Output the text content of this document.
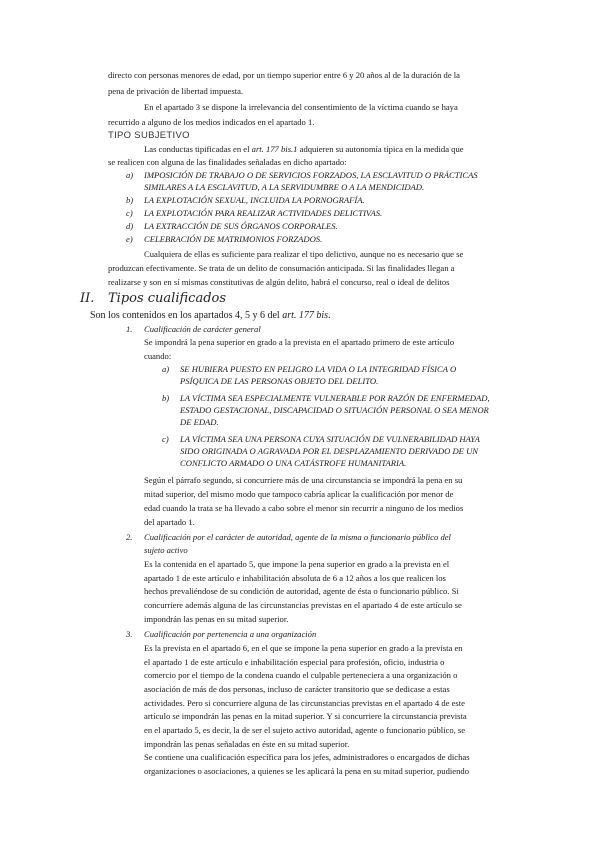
directo con personas menores de edad, por un tiempo superior entre 6 y 20 años al de la duración de la
pena de privación de libertad impuesta.
En el apartado 3 se dispone la irrelevancia del consentimiento de la víctima cuando se haya
recurrido a alguno de los medios indicados en el apartado 1.
TIPO SUBJETIVO
Las conductas tipificadas en el art. 177 bis.1 adquieren su autonomía típica en la medida que
se realicen con alguna de las finalidades señaladas en dicho apartado:
a) IMPOSICIÓN DE TRABAJO O DE SERVICIOS FORZADOS, LA ESCLAVITUD O PRÁCTICAS
SIMILARES A LA ESCLAVITUD, A LA SERVIDUMBRE O A LA MENDICIDAD.
b) LA EXPLOTACIÓN SEXUAL, INCLUIDA LA PORNOGRAFÍA.
c) LA EXPLOTACIÓN PARA REALIZAR ACTIVIDADES DELICTIVAS.
d) LA EXTRACCIÓN DE SUS ÓRGANOS CORPORALES.
e) CELEBRACIÓN DE MATRIMONIOS FORZADOS.
Cualquiera de ellas es suficiente para realizar el tipo delictivo, aunque no es necesario que se
produzcan efectivamente. Se trata de un delito de consumación anticipada. Si las finalidades llegan a
realizarse y son en sí mismas constitutivas de algún delito, habrá el concurso, real o ideal de delitos
II. Tipos cualificados
Son los contenidos en los apartados 4, 5 y 6 del art. 177 bis.
1. Cualificación de carácter general
Se impondrá la pena superior en grado a la prevista en el apartado primero de este artículo
cuando:
a) SE HUBIERA PUESTO EN PELIGRO LA VIDA O LA INTEGRIDAD FÍSICA O
PSÍQUICA DE LAS PERSONAS OBJETO DEL DELITO.
b) LA VÍCTIMA SEA ESPECIALMENTE VULNERABLE POR RAZÓN DE ENFERMEDAD,
ESTADO GESTACIONAL, DISCAPACIDAD O SITUACIÓN PERSONAL O SEA MENOR
DE EDAD.
c) LA VÍCTIMA SEA UNA PERSONA CUYA SITUACIÓN DE VULNERABILIDAD HAYA
SIDO ORIGINADA O AGRAVADA POR EL DESPLAZAMIENTO DERIVADO DE UN
CONFLICTO ARMADO O UNA CATÁSTROFE HUMANITARIA.
Según el párrafo segundo, si concurriere más de una circunstancia se impondrá la pena en su
mitad superior, del mismo modo que tampoco cabría aplicar la cualificación por menor de
edad cuando la trata se ha llevado a cabo sobre el menor sin recurrir a ninguno de los medios
del apartado 1.
2. Cualificación por el carácter de autoridad, agente de la misma o funcionario público del
sujeto activo
Es la contenida en el apartado 5, que impone la pena superior en grado a la prevista en el
apartado 1 de este artículo e inhabilitación absoluta de 6 a 12 años a los que realicen los
hechos prevaliéndose de su condición de autoridad, agente de ésta o funcionario público. Si
concurriere además alguna de las circunstancias previstas en el apartado 4 de este artículo se
impondrán las penas en su mitad superior.
3. Cualificación por pertenencia a una organización
Es la prevista en el apartado 6, en el que se impone la pena superior en grado a la prevista en
el apartado 1 de este artículo e inhabilitación especial para profesión, oficio, industria o
comercio por el tiempo de la condena cuando el culpable perteneciera a una organización o
asociación de más de dos personas, incluso de carácter transitorio que se dedicase a estas
actividades. Pero si concurriere alguna de las circunstancias previstas en el apartado 4 de este
artículo se impondrán las penas en la mitad superior. Y si concurriere la circunstancia prevista
en el apartado 5, es decir, la de ser el sujeto activo autoridad, agente o funcionario público, se
impondrán las penas señaladas en éste en su mitad superior.
Se contiene una cualificación específica para los jefes, administradores o encargados de dichas
organizaciones o asociaciones, a quienes se les aplicará la pena en su mitad superior, pudiendo
